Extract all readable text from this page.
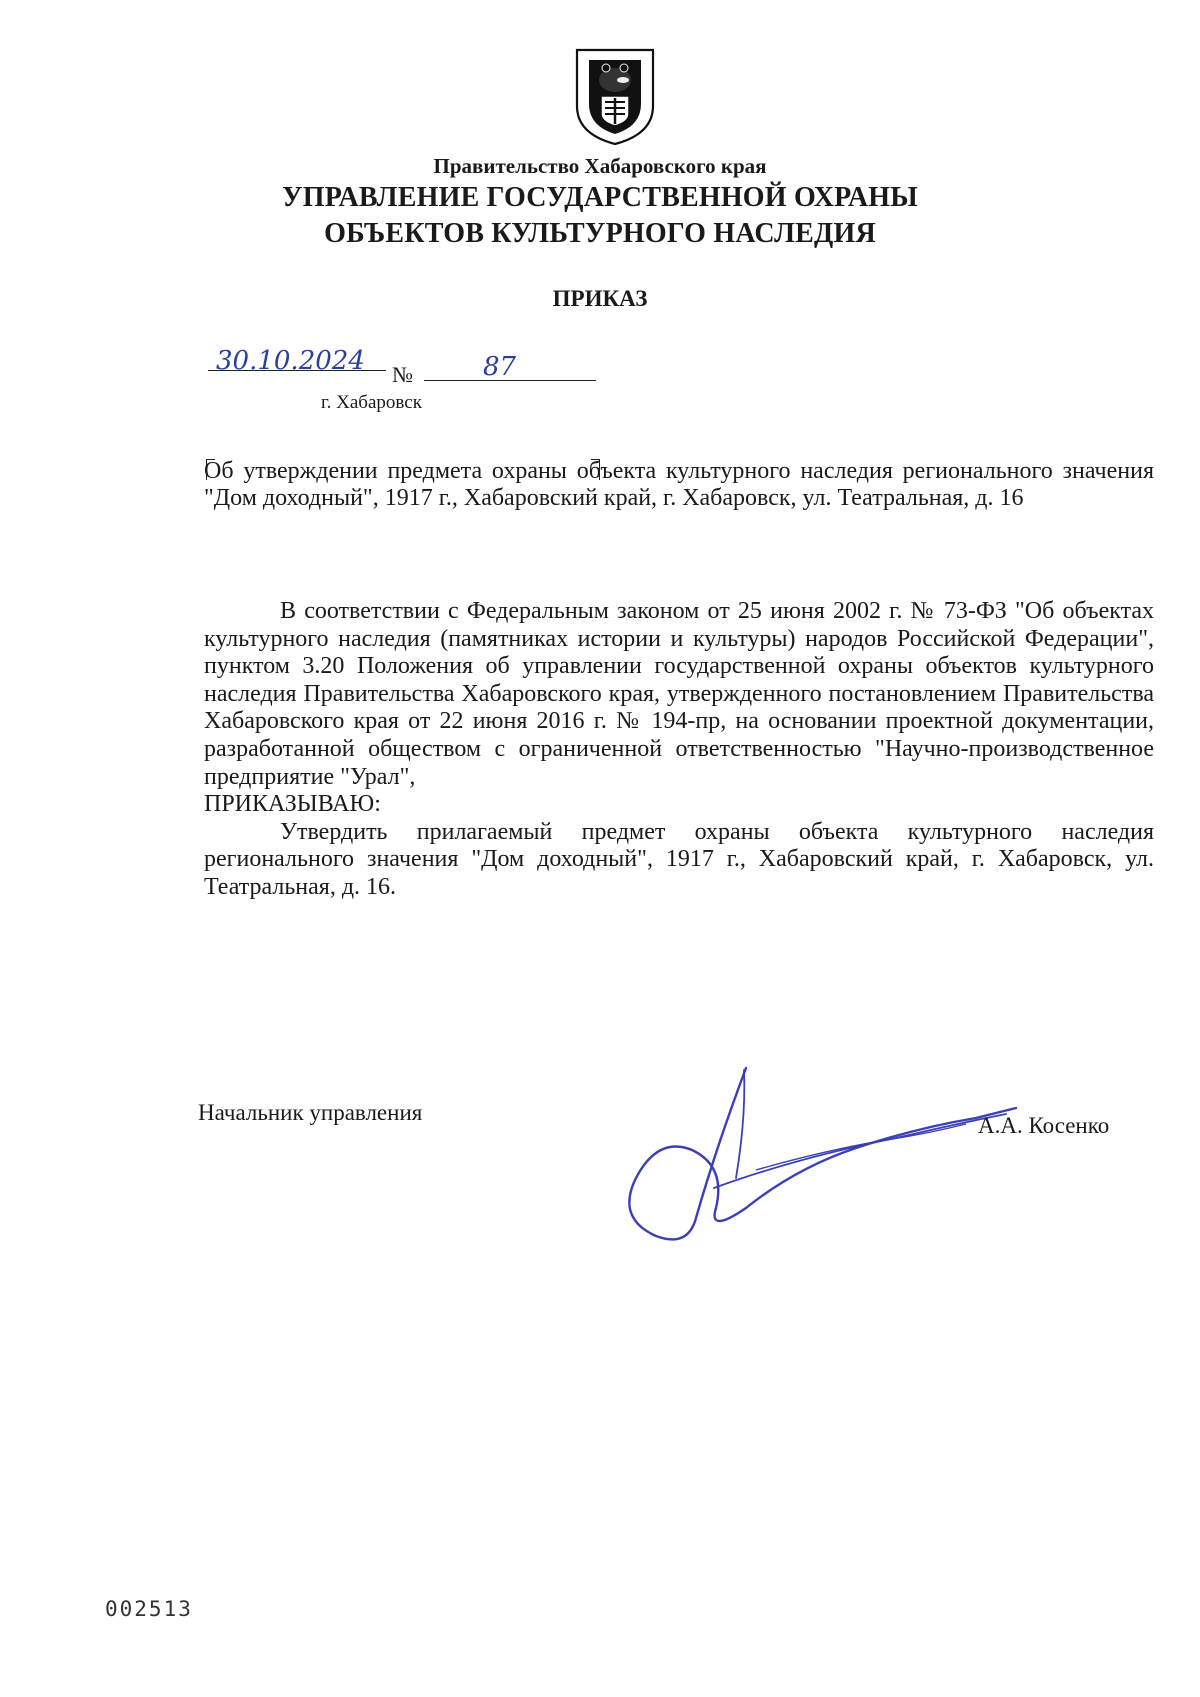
Правительство Хабаровского края
УПРАВЛЕНИЕ ГОСУДАРСТВЕННОЙ ОХРАНЫ
ОБЪЕКТОВ КУЛЬТУРНОГО НАСЛЕДИЯ
ПРИКАЗ
30.10.2024 №	87
г. Хабаровск

Об утверждении предмета охраны объекта культурного наследия регионального значения "Дом доходный", 1917 г., Хабаровский край, г. Хабаровск, ул. Театральная, д. 16

В соответствии с Федеральным законом от 25 июня 2002 г. № 73-ФЗ "Об объектах культурного наследия (памятниках истории и культуры) народов Российской Федерации", пунктом 3.20 Положения об управлении государственной охраны объектов культурного наследия Правительства Хабаровского края, утвержденного постановлением Правительства Хабаровского края от 22 июня 2016 г. № 194-пр, на основании проектной документации, разработанной обществом с ограниченной ответственностью "Научно-производственное предприятие "Урал",

ПРИКАЗЫВАЮ:

Утвердить прилагаемый предмет охраны объекта культурного наследия регионального значения "Дом доходный", 1917 г., Хабаровский край, г. Хабаровск, ул. Театральная, д. 16.

Начальник управления
А.А. Косенко
002513
